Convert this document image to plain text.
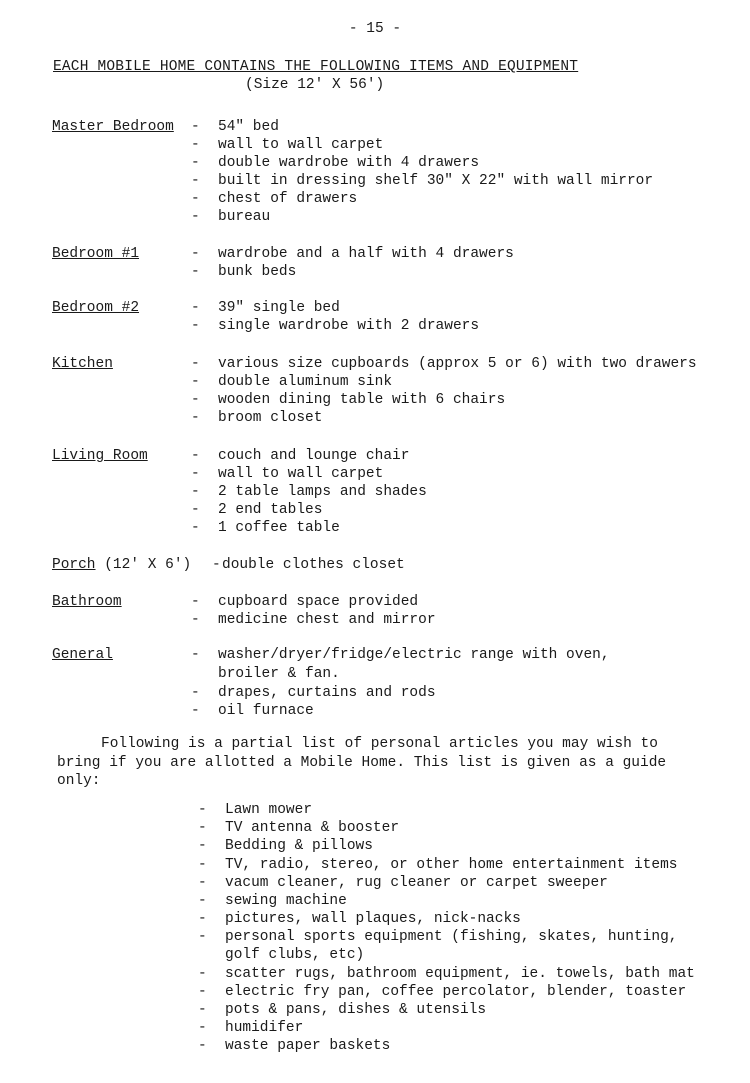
- 15 -
EACH MOBILE HOME CONTAINS THE FOLLOWING ITEMS AND EQUIPMENT
(Size 12' X 56')
Master Bedroom - 54" bed
- wall to wall carpet
- double wardrobe with 4 drawers
- built in dressing shelf 30" X 22" with wall mirror
- chest of drawers
- bureau
Bedroom #1	- wardrobe and a half with 4 drawers
- bunk beds
Bedroom #2	- 39" single bed
- single wardrobe with 2 drawers
Kitchen	- various size cupboards (approx 5 or 6) with two drawers
- double aluminum sink
- wooden dining table with 6 chairs
- broom closet
Living Room	- couch and lounge chair
- wall to wall carpet
- 2 table lamps and shades
- 2 end tables
- 1 coffee table
Porch (12' X 6') - double clothes closet
Bathroom	- cupboard space provided
- medicine chest and mirror
General	- washer/dryer/fridge/electric range with oven, broiler & fan.
- drapes, curtains and rods
- oil furnace
Following is a partial list of personal articles you may wish to bring if you are allotted a Mobile Home. This list is given as a guide only:
- Lawn mower
- TV antenna & booster
- Bedding & pillows
- TV, radio, stereo, or other home entertainment items
- vacum cleaner, rug cleaner or carpet sweeper
- sewing machine
- pictures, wall plaques, nick-nacks
- personal sports equipment (fishing, skates, hunting, golf clubs, etc)
- scatter rugs, bathroom equipment, ie. towels, bath mat
- electric fry pan, coffee percolator, blender, toaster
- pots & pans, dishes & utensils
- humidifer
- waste paper baskets
